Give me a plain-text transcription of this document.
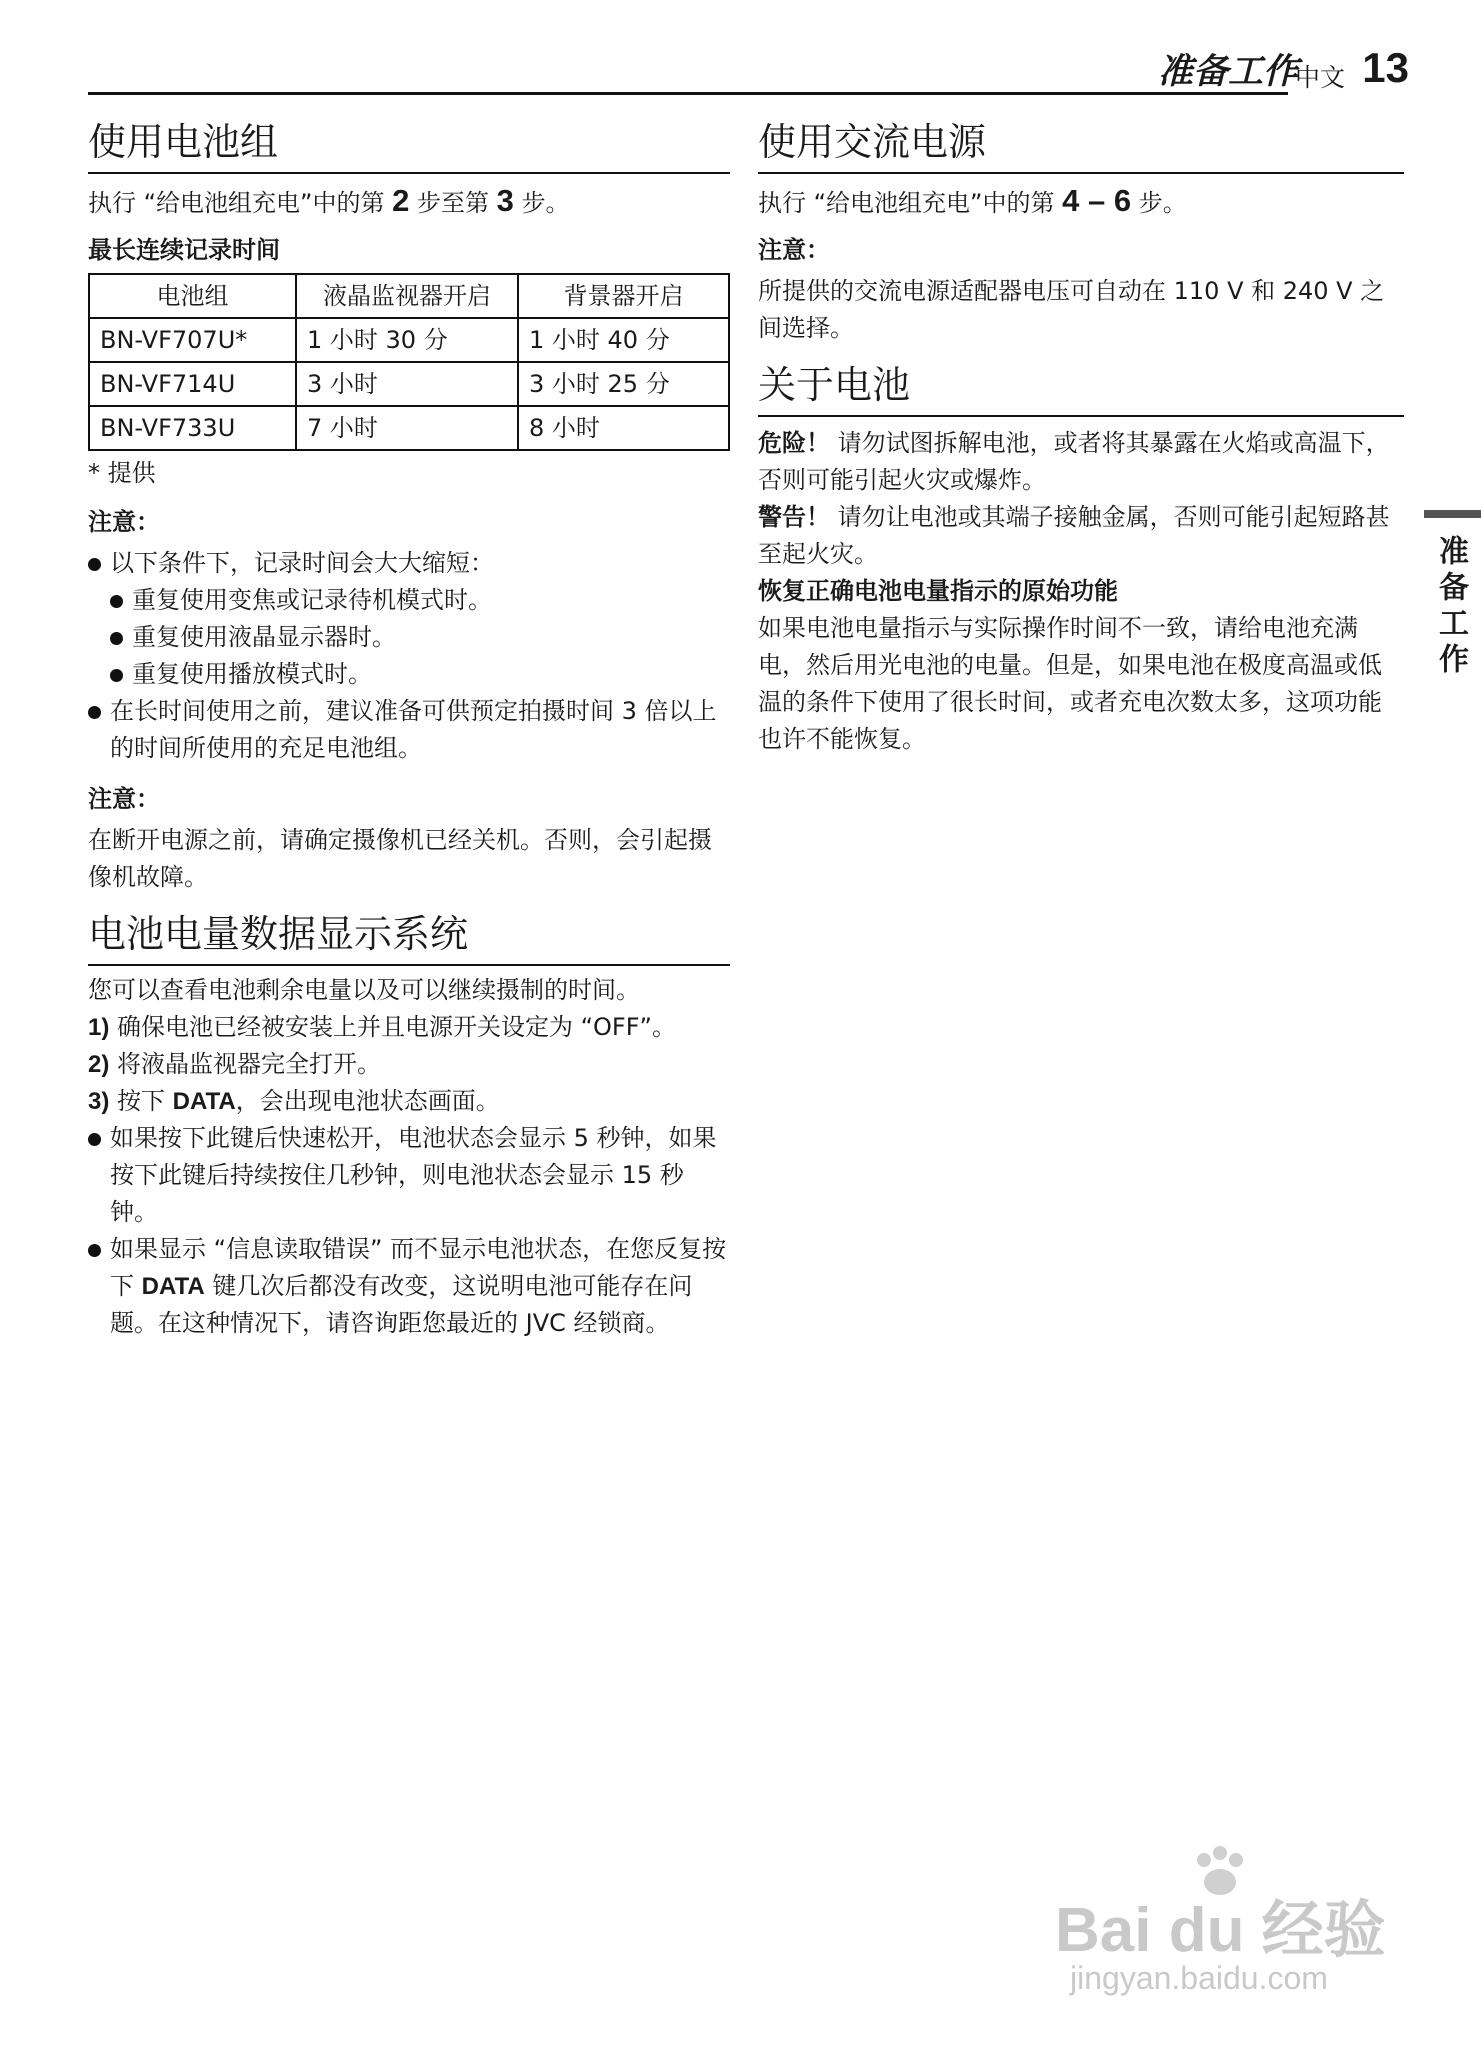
准备工作
中文 13
准备工作
使用电池组

执行 “给电池组充电”中的第 2 步至第 3 步。

最长连续记录时间

电池组	液晶监视器开启	背景器开启
BN-VF707U*	1 小时 30 分	1 小时 40 分
BN-VF714U	3 小时	3 小时 25 分
BN-VF733U	7 小时	8 小时

* 提供

注意：

以下条件下，记录时间会大大缩短：

重复使用变焦或记录待机模式时。

重复使用液晶显示器时。

重复使用播放模式时。

在长时间使用之前，建议准备可供预定拍摄时间 3 倍以上的时间所使用的充足电池组。

注意：

在断开电源之前，请确定摄像机已经关机。否则，会引起摄像机故障。

电池电量数据显示系统

您可以查看电池剩余电量以及可以继续摄制的时间。

1) 确保电池已经被安装上并且电源开关设定为 “OFF”。

2) 将液晶监视器完全打开。

3) 按下 DATA，会出现电池状态画面。

如果按下此键后快速松开，电池状态会显示 5 秒钟，如果按下此键后持续按住几秒钟，则电池状态会显示 15 秒钟。

如果显示 “信息读取错误” 而不显示电池状态，在您反复按下 DATA 键几次后都没有改变，这说明电池可能存在问题。在这种情况下，请咨询距您最近的 JVC 经锁商。

使用交流电源

执行 “给电池组充电”中的第 4 – 6 步。

注意：

所提供的交流电源适配器电压可自动在 110 V 和 240 V 之间选择。

关于电池

危险！ 请勿试图拆解电池，或者将其暴露在火焰或高温下，否则可能引起火灾或爆炸。

警告！ 请勿让电池或其端子接触金属，否则可能引起短路甚至起火灾。

恢复正确电池电量指示的原始功能

如果电池电量指示与实际操作时间不一致，请给电池充满电，然后用光电池的电量。但是，如果电池在极度高温或低温的条件下使用了很长时间，或者充电次数太多，这项功能也许不能恢复。

Bai du 经验
jingyan.baidu.com
